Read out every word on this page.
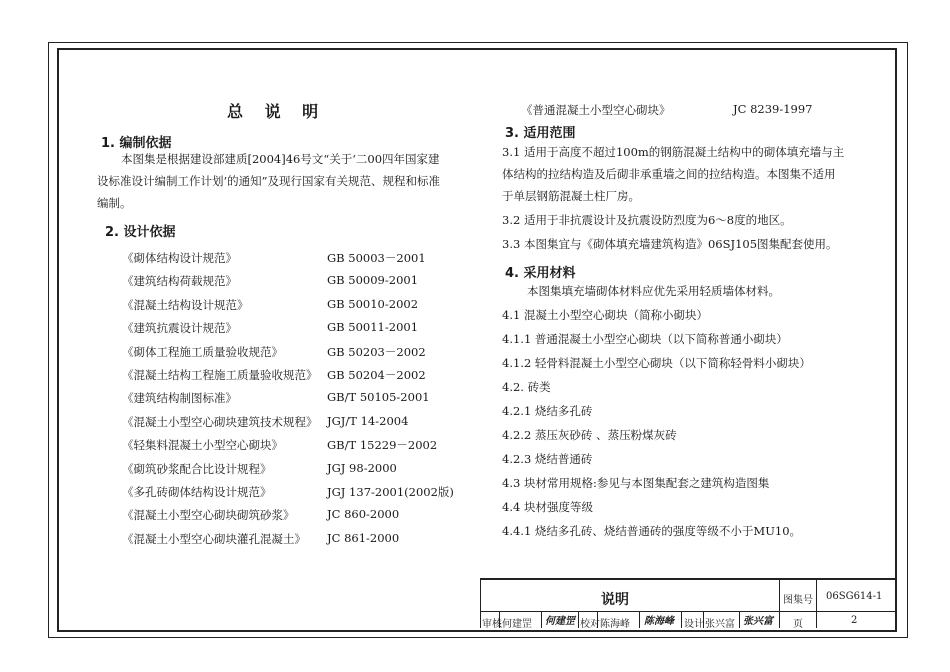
总 说 明
1. 编制依据
本图集是根据建设部建质[2004]46号文“关于‘二00四年国家建
设标准设计编制工作计划’的通知”及现行国家有关规范、规程和标准
编制。
2. 设计依据
《砌体结构设计规范》	GB 50003－2001
《建筑结构荷载规范》	GB 50009-2001
《混凝土结构设计规范》	GB 50010-2002
《建筑抗震设计规范》	GB 50011-2001
《砌体工程施工质量验收规范》	GB 50203－2002
《混凝土结构工程施工质量验收规范》 GB 50204－2002
《建筑结构制图标准》	GB/T 50105-2001
《混凝土小型空心砌块建筑技术规程》 JGJ/T 14-2004
《轻集料混凝土小型空心砌块》	GB/T 15229－2002
《砌筑砂浆配合比设计规程》	JGJ 98-2000
《多孔砖砌体结构设计规范》	JGJ 137-2001(2002版)
《混凝土小型空心砌块砌筑砂浆》	JC 860-2000
《混凝土小型空心砌块灌孔混凝土》 JC 861-2000
《普通混凝土小型空心砌块》	JC 8239-1997
3. 适用范围
3.1 适用于高度不超过100m的钢筋混凝土结构中的砌体填充墙与主
体结构的拉结构造及后砌非承重墙之间的拉结构造。本图集不适用
于单层钢筋混凝土柱厂房。
3.2 适用于非抗震设计及抗震设防烈度为6～8度的地区。
3.3 本图集宜与《砌体填充墙建筑构造》06SJ105图集配套使用。
4. 采用材料
本图集填充墙砌体材料应优先采用轻质墙体材料。
4.1 混凝土小型空心砌块（简称小砌块）
4.1.1 普通混凝土小型空心砌块（以下简称普通小砌块）
4.1.2 轻骨料混凝土小型空心砌块（以下简称轻骨料小砌块）
4.2. 砖类
4.2.1 烧结多孔砖
4.2.2 蒸压灰砂砖 、蒸压粉煤灰砖
4.2.3 烧结普通砖
4.3 块材常用规格:参见与本图集配套之建筑构造图集
4.4 块材强度等级
4.4.1 烧结多孔砖、烧结普通砖的强度等级不小于MU10。
说明	图集号 06SG614-1
审核 何建罡 何建罡 校对 陈海峰 陈海峰 设计 张兴富 张兴富 页	2
